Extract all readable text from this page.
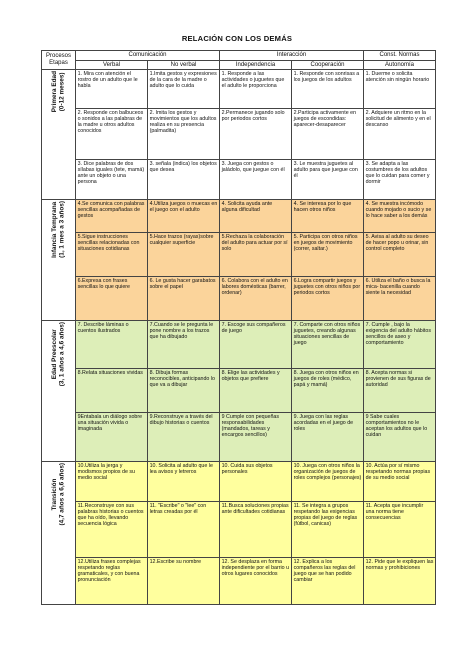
RELACIÓN CON LOS DEMÁS
Procesos
Etapas	Comunicación		Interacción		Const. Normas
	Verbal	No verbal	Independencia	Cooperación	Autonomía

Primera Edad (0-12 meses)	1. Mira con atención el rostro de un adulto que le habla	1.Imita gestos y expresiones de la cara de la madre o adulto que lo cuida	1. Responde a las actividades o juguetes que el adulto le proporciona	1. Responde con sonrisas a los juegos de los adultos	1. Duerme o solicita atención sin ningún horario
	2. Responde con balbuceos o sonidos a las palabras de la madre u otros adultos conocidos	2. Imita los gestos y movimientos que los adultos realiza en su presencia (palmadita)	2.Permanece jugando solo por periodos cortos	2.Participa activamente en juegos de escondidas: aparecer-desaparecer	2. Adquiere un ritmo en la solicitud de alimento y en el descanso
	3. Dice palabras de dos sílabas iguales (tete, mamá) ante un objeto o una persona	3. señala (indica) los objetos que desea	3. Juega con gestos o jaládolo, que juegue con él	3. Le muestra juguetes al adulto para que juegue con él	3. Se adapta a las costumbres de los adultos que lo cuidan para comer y dormir

Infancia Temprana (1, 1 mes a 3 años)	4.Se comunica con palabras sencillas acompañadas de gestos	4.Utiliza juegos o muecas en el juego con el adulto	4. Solicita ayuda ante alguna dificultad	4. Se interesa por lo que hacen otros niños	4. Se muestra incómodo cuando mojado o sucio y se lo hace saber a los demás
	5.Sigue instrucciones sencillas relacionadas con situaciones cotidianas	5.Hace trazos (rayas)sobre cualquier superficie	5.Rechaza la colaboración del adulto para actuar por sí solo	5. Participa con otros niños en juegos de movimiento (correr, saltar.)	5. Avisa al adulto su deseo de hacer popo u orinar, sin control completo
	6.Expresa con frases sencillas lo que quiere	6. Le gusta hacer garabatos sobre el papel	6. Colabora con el adulto en labores domésticas (barrer, ordenar)	6.Logra compartir juegos y juguetes con otros niños por periodos cortos	6. Utiliza el baño o busca la mica- bacenilla cuando siente la necesidad

Edad Preescolar (3, 1 años a 4,6 años)	7. Describe láminas o cuentos ilustrados	7.Cuando se le pregunta le pone nombre a los trazos que ha dibujado	7. Escoge sus compañeros de juego	7. Comparte con otros niños juguetes, creando algunas situaciones sencillas de juego	7. Cumple , bajo la exigencia del adulto hábitos sencillos de aseo y comportamiento
	8.Relata situaciones vividas	8. Dibuja formas reconocibles, anticipando lo que va a dibujar	8. Elige las actividades y objetos que prefiere	8. Juega con otros niños en juegos de roles (médico, papá y mamá)	8. Acepta normas si provienen de sus figuras de autoridad
	9Entabala un diálogo sobre una situación vivida o imaginada	9.Reconstruye a través del dibujo historias o cuentos	9 Cumple con pequeñas responsabilidades (mandados, tareas y encargos sencillos)	9. Juega con las reglas acordadas en el juego de roles	9 Sabe cuales comportamientos no le aceptan los adultos que lo cuidan

Transición (4,7 años a 6,6 años)	10.Utiliza la jerga y modismos propios de su medio social	10. Solicita al adulto que le lea avisos y letreros	10. Cuida sus objetos personales	10. Juega con otros niños la organización de juegos de roles complejos (personajes)	10. Actúa por sí mismo respetando normas propias de su medio social
	11.Reconstruye con sus palabras historias o cuentos que ha oído, llevando secuencia lógica	11. "Escribe" o "lee" con letras creadas por él	11.Busca soluciones propias ante dificultades cotidianas	11. Se integra a grupos respetando las exigencias propias del juego de reglas (fútbol, canicas)	11. Acepta que incumplir una norma tiene consecuencias
	12.Utiliza frases complejas respetando reglas gramaticales, y con buena pronunciación	12.Escribe su nombre	12. Se desplaza en forma independiente por el barrio u otros lugares conocidos	12. Explica a los compañeros las reglas del juego que se han podido cambiar	12. Pide que le expliquen las normas y prohibiciones
